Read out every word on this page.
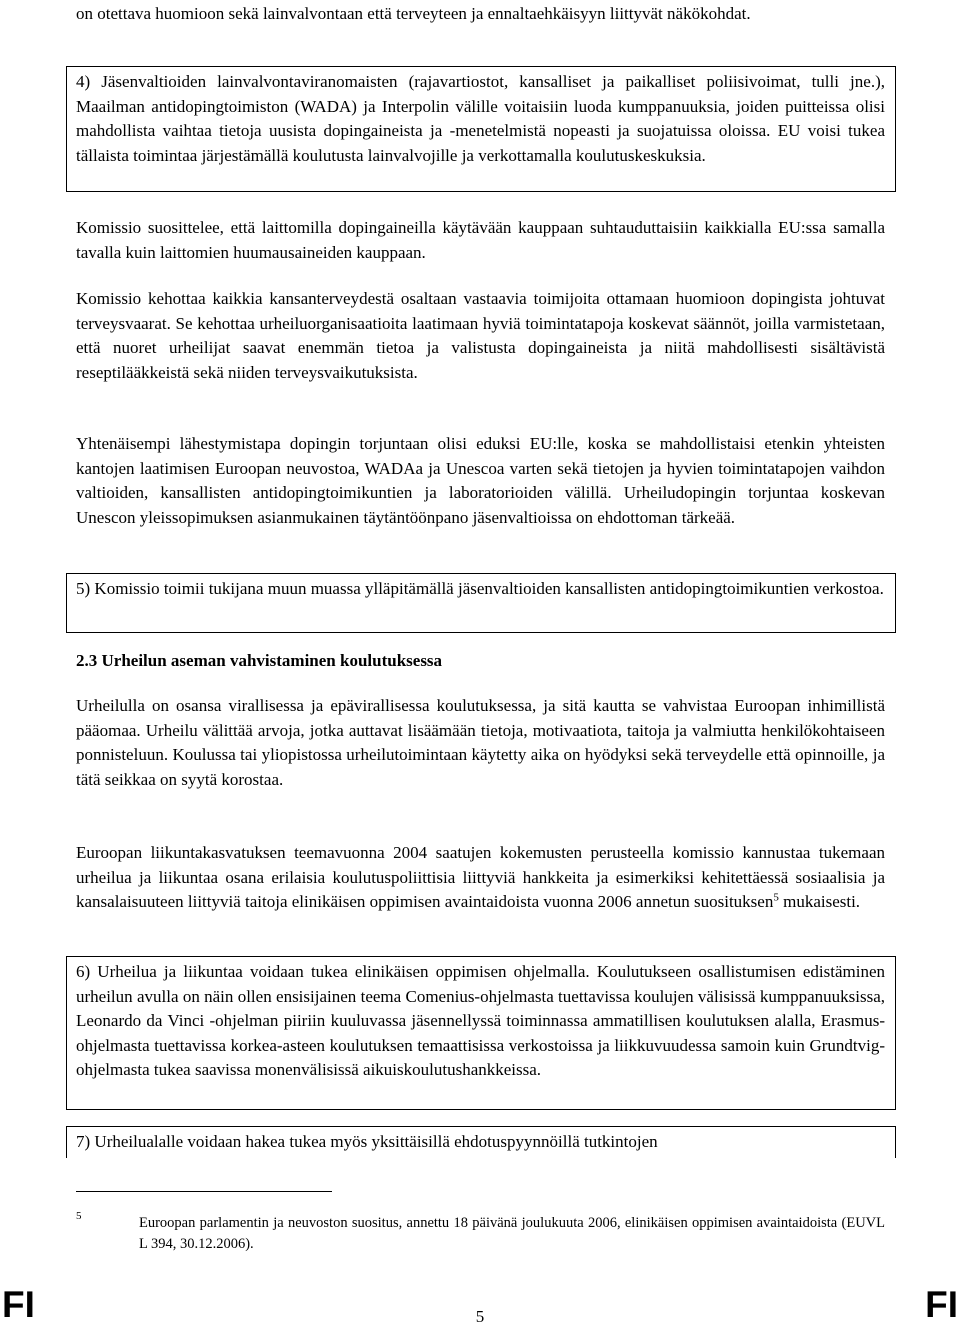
on otettava huomioon sekä lainvalvontaan että terveyteen ja ennaltaehkäisyyn liittyvät näkökohdat.

4) Jäsenvaltioiden lainvalvontaviranomaisten (rajavartiostot, kansalliset ja paikalliset poliisivoimat, tulli jne.), Maailman antidopingtoimiston (WADA) ja Interpolin välille voitaisiin luoda kumppanuuksia, joiden puitteissa olisi mahdollista vaihtaa tietoja uusista dopingaineista ja -menetelmistä nopeasti ja suojatuissa oloissa. EU voisi tukea tällaista toimintaa järjestämällä koulutusta lainvalvojille ja verkottamalla koulutuskeskuksia.

Komissio suosittelee, että laittomilla dopingaineilla käytävään kauppaan suhtauduttaisiin kaikkialla EU:ssa samalla tavalla kuin laittomien huumausaineiden kauppaan.

Komissio kehottaa kaikkia kansanterveydestä osaltaan vastaavia toimijoita ottamaan huomioon dopingista johtuvat terveysvaarat. Se kehottaa urheiluorganisaatioita laatimaan hyviä toimintatapoja koskevat säännöt, joilla varmistetaan, että nuoret urheilijat saavat enemmän tietoa ja valistusta dopingaineista ja niitä mahdollisesti sisältävistä reseptilääkkeistä sekä niiden terveysvaikutuksista.

Yhtenäisempi lähestymistapa dopingin torjuntaan olisi eduksi EU:lle, koska se mahdollistaisi etenkin yhteisten kantojen laatimisen Euroopan neuvostoa, WADAa ja Unescoa varten sekä tietojen ja hyvien toimintatapojen vaihdon valtioiden, kansallisten antidopingtoimikuntien ja laboratorioiden välillä. Urheiludopingin torjuntaa koskevan Unescon yleissopimuksen asianmukainen täytäntöönpano jäsenvaltioissa on ehdottoman tärkeää.

5) Komissio toimii tukijana muun muassa ylläpitämällä jäsenvaltioiden kansallisten antidopingtoimikuntien verkostoa.

2.3 Urheilun aseman vahvistaminen koulutuksessa

Urheilulla on osansa virallisessa ja epävirallisessa koulutuksessa, ja sitä kautta se vahvistaa Euroopan inhimillistä pääomaa. Urheilu välittää arvoja, jotka auttavat lisäämään tietoja, motivaatiota, taitoja ja valmiutta henkilökohtaiseen ponnisteluun. Koulussa tai yliopistossa urheilutoimintaan käytetty aika on hyödyksi sekä terveydelle että opinnoille, ja tätä seikkaa on syytä korostaa.

Euroopan liikuntakasvatuksen teemavuonna 2004 saatujen kokemusten perusteella komissio kannustaa tukemaan urheilua ja liikuntaa osana erilaisia koulutuspoliittisia liittyviä hankkeita ja esimerkiksi kehitettäessä sosiaalisia ja kansalaisuuteen liittyviä taitoja elinikäisen oppimisen avaintaidoista vuonna 2006 annetun suosituksen$^5$ mukaisesti.

6) Urheilua ja liikuntaa voidaan tukea elinikäisen oppimisen ohjelmalla. Koulutukseen osallistumisen edistäminen urheilun avulla on näin ollen ensisijainen teema Comenius-ohjelmasta tuettavissa koulujen välisissä kumppanuuksissa, Leonardo da Vinci -ohjelman piiriin kuuluvassa jäsennellyssä toiminnassa ammatillisen koulutuksen alalla, Erasmus-ohjelmasta tuettavissa korkea-asteen koulutuksen temaattisissa verkostoissa ja liikkuvuudessa samoin kuin Grundtvig-ohjelmasta tukea saavissa monenvälisissä aikuiskoulutushankkeissa.

7) Urheilualalle voidaan hakea tukea myös yksittäisillä ehdotuspyynnöillä tutkintojen

5	Euroopan parlamentin ja neuvoston suositus, annettu 18 päivänä joulukuuta 2006, elinikäisen oppimisen avaintaidoista (EUVL L 394, 30.12.2006).

FI	5	FI
